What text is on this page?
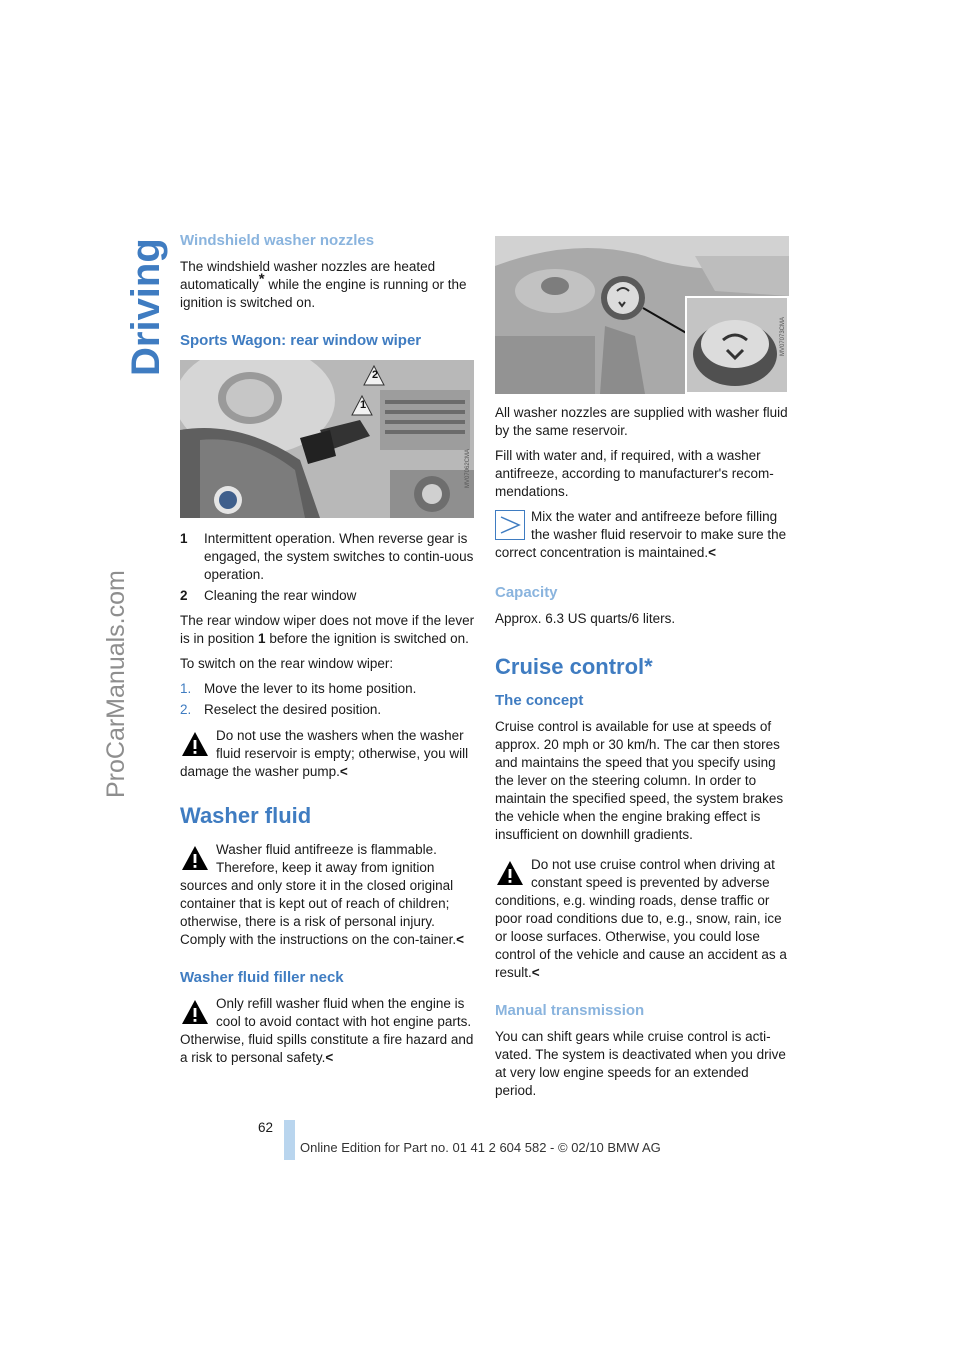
Driving
ProCarManuals.com
Windshield washer nozzles

The windshield washer nozzles are heated automatically* while the engine is running or the ignition is switched on.

Sports Wagon: rear window wiper
1
2
MV07062CMA
1	Intermittent operation. When reverse gear is engaged, the system switches to contin-uous operation.
2	Cleaning the rear window

The rear window wiper does not move if the lever is in position 1 before the ignition is switched on.

To switch on the rear window wiper:

1. Move the lever to its home position.
2. Reselect the desired position.

Do not use the washers when the washer fluid reservoir is empty; otherwise, you will damage the washer pump.<

Washer fluid

Washer fluid antifreeze is flammable. Therefore, keep it away from ignition sources and only store it in the closed original container that is kept out of reach of children; otherwise, there is a risk of personal injury. Comply with the instructions on the con-tainer.<

Washer fluid filler neck

Only refill washer fluid when the engine is cool to avoid contact with hot engine parts. Otherwise, fluid spills constitute a fire hazard and a risk to personal safety.<

MV07073CMA

All washer nozzles are supplied with washer fluid by the same reservoir.

Fill with water and, if required, with a washer antifreeze, according to manufacturer's recom-mendations.

Mix the water and antifreeze before filling the washer fluid reservoir to make sure the correct concentration is maintained.<

Capacity

Approx. 6.3 US quarts/6 liters.

Cruise control*
The concept

Cruise control is available for use at speeds of approx. 20 mph or 30 km/h. The car then stores and maintains the speed that you specify using the lever on the steering column. In order to maintain the specified speed, the system brakes the vehicle when the engine braking effect is insufficient on downhill gradients.

Do not use cruise control when driving at constant speed is prevented by adverse conditions, e.g. winding roads, dense traffic or poor road conditions due to, e.g., snow, rain, ice or loose surfaces. Otherwise, you could lose control of the vehicle and cause an accident as a result.<

Manual transmission

You can shift gears while cruise control is acti-vated. The system is deactivated when you drive at very low engine speeds for an extended period.

62
Online Edition for Part no. 01 41 2 604 582 - © 02/10 BMW AG
